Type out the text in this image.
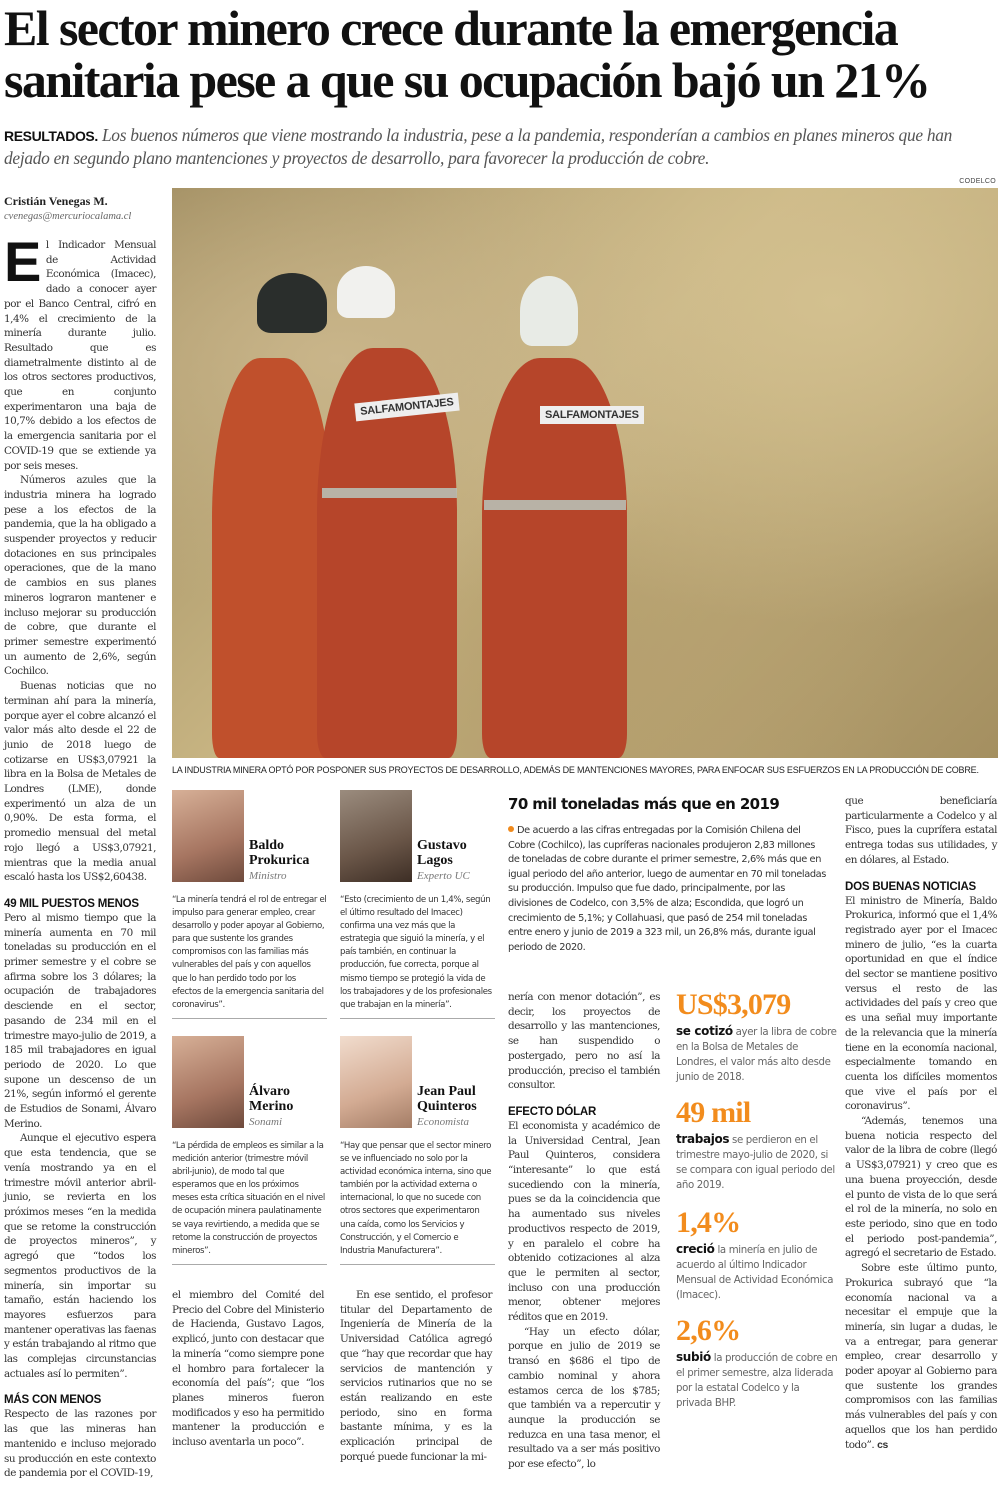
El sector minero crece durante la emergencia sanitaria pese a que su ocupación bajó un 21%
RESULTADOS. Los buenos números que viene mostrando la industria, pese a la pandemia, responderían a cambios en planes mineros que han dejado en segundo plano mantenciones y proyectos de desarrollo, para favorecer la producción de cobre.
CODELCO
Cristián Venegas M.
cvenegas@mercuriocalama.cl

El Indicador Mensual de Actividad Económica (Imacec), dado a conocer ayer por el Banco Central, cifró en 1,4% el crecimiento de la minería durante julio. Resultado que es diametralmente distinto al de los otros sectores productivos, que en conjunto experimentaron una baja de 10,7% debido a los efectos de la emergencia sanitaria por el COVID-19 que se extiende ya por seis meses.

Números azules que la industria minera ha logrado pese a los efectos de la pandemia, que la ha obligado a suspender proyectos y reducir dotaciones en sus principales operaciones, que de la mano de cambios en sus planes mineros lograron mantener e incluso mejorar su producción de cobre, que durante el primer semestre experimentó un aumento de 2,6%, según Cochilco.

Buenas noticias que no terminan ahí para la minería, porque ayer el cobre alcanzó el valor más alto desde el 22 de junio de 2018 luego de cotizarse en US$3,07921 la libra en la Bolsa de Metales de Londres (LME), donde experimentó un alza de un 0,90%. De esta forma, el promedio mensual del metal rojo llegó a US$3,07921, mientras que la media anual escaló hasta los US$2,60438.

49 MIL PUESTOS MENOS

Pero al mismo tiempo que la minería aumenta en 70 mil toneladas su producción en el primer semestre y el cobre se afirma sobre los 3 dólares; la ocupación de trabajadores desciende en el sector, pasando de 234 mil en el trimestre mayo-julio de 2019, a 185 mil trabajadores en igual periodo de 2020. Lo que supone un descenso de un 21%, según informó el gerente de Estudios de Sonami, Álvaro Merino.

Aunque el ejecutivo espera que esta tendencia, que se venía mostrando ya en el trimestre móvil anterior abril-junio, se revierta en los próximos meses “en la medida que se retome la construcción de proyectos mineros”, y agregó que “todos los segmentos productivos de la minería, sin importar su tamaño, están haciendo los mayores esfuerzos para mantener operativas las faenas y están trabajando al ritmo que las complejas circunstancias actuales así lo permiten”.

MÁS CON MENOS

Respecto de las razones por las que las mineras han mantenido e incluso mejorado su producción en este contexto de pandemia por el COVID-19,

SALFAMONTAJES	SALFAMONTAJES
LA INDUSTRIA MINERA OPTÓ POR POSPONER SUS PROYECTOS DE DESARROLLO, ADEMÁS DE MANTENCIONES MAYORES, PARA ENFOCAR SUS ESFUERZOS EN LA PRODUCCIÓN DE COBRE.
Baldo Prokurica
Ministro
“La minería tendrá el rol de entregar el impulso para generar empleo, crear desarrollo y poder apoyar al Gobierno, para que sustente los grandes compromisos con las familias más vulnerables del país y con aquellos que lo han perdido todo por los efectos de la emergencia sanitaria del coronavirus”.
Gustavo Lagos
Experto UC
“Esto (crecimiento de un 1,4%, según el último resultado del Imacec) confirma una vez más que la estrategia que siguió la minería, y el país también, en continuar la producción, fue correcta, porque al mismo tiempo se protegió la vida de los trabajadores y de los profesionales que trabajan en la minería”.
Álvaro Merino
Sonami
“La pérdida de empleos es similar a la medición anterior (trimestre móvil abril-junio), de modo tal que esperamos que en los próximos meses esta crítica situación en el nivel de ocupación minera paulatinamente se vaya revirtiendo, a medida que se retome la construcción de proyectos mineros”.
Jean Paul Quinteros
Economista
“Hay que pensar que el sector minero se ve influenciado no solo por la actividad económica interna, sino que también por la actividad externa o internacional, lo que no sucede con otros sectores que experimentaron una caída, como los Servicios y Construcción, y el Comercio e Industria Manufacturera”.

el miembro del Comité del Precio del Cobre del Ministerio de Hacienda, Gustavo Lagos, explicó, junto con destacar que la minería “como siempre pone el hombro para fortalecer la economía del país”; que “los planes mineros fueron modificados y eso ha permitido mantener la producción e incluso aventarla un poco”.

En ese sentido, el profesor titular del Departamento de Ingeniería de Minería de la Universidad Católica agregó que “hay que recordar que hay servicios de mantención y servicios rutinarios que no se están realizando en este periodo, sino en forma bastante mínima, y es la explicación principal de porqué puede funcionar la mi-

70 mil toneladas más que en 2019
De acuerdo a las cifras entregadas por la Comisión Chilena del Cobre (Cochilco), las cupríferas nacionales produjeron 2,83 millones de toneladas de cobre durante el primer semestre, 2,6% más que en igual periodo del año anterior, luego de aumentar en 70 mil toneladas su producción. Impulso que fue dado, principalmente, por las divisiones de Codelco, con 3,5% de alza; Escondida, que logró un crecimiento de 5,1%; y Collahuasi, que pasó de 254 mil toneladas entre enero y junio de 2019 a 323 mil, un 26,8% más, durante igual periodo de 2020.

nería con menor dotación”, es decir, los proyectos de desarrollo y las mantenciones, se han suspendido o postergado, pero no así la producción, preciso el también consultor.

EFECTO DÓLAR

El economista y académico de la Universidad Central, Jean Paul Quinteros, considera “interesante” lo que está sucediendo con la minería, pues se da la coincidencia que ha aumentado sus niveles productivos respecto de 2019, y en paralelo el cobre ha obtenido cotizaciones al alza que le permiten al sector, incluso con una producción menor, obtener mejores réditos que en 2019.

“Hay un efecto dólar, porque en julio de 2019 se transó en $686 el tipo de cambio nominal y ahora estamos cerca de los $785; que también va a repercutir y aunque la producción se reduzca en una tasa menor, el resultado va a ser más positivo por ese efecto”, lo

US$3,079
se cotizó ayer la libra de cobre en la Bolsa de Metales de Londres, el valor más alto desde junio de 2018.
49 mil
trabajos se perdieron en el trimestre mayo-julio de 2020, si se compara con igual periodo del año 2019.
1,4%
creció la minería en julio de acuerdo al último Indicador Mensual de Actividad Económica (Imacec).
2,6%
subió la producción de cobre en el primer semestre, alza liderada por la estatal Codelco y la privada BHP.

que beneficiaría particularmente a Codelco y al Fisco, pues la cuprífera estatal entrega todas sus utilidades, y en dólares, al Estado.

DOS BUENAS NOTICIAS

El ministro de Minería, Baldo Prokurica, informó que el 1,4% registrado ayer por el Imacec minero de julio, “es la cuarta oportunidad en que el índice del sector se mantiene positivo versus el resto de las actividades del país y creo que es una señal muy importante de la relevancia que la minería tiene en la economía nacional, especialmente tomando en cuenta los difíciles momentos que vive el país por el coronavirus”.

“Además, tenemos una buena noticia respecto del valor de la libra de cobre (llegó a US$3,07921) y creo que es una buena proyección, desde el punto de vista de lo que será el rol de la minería, no solo en este periodo, sino que en todo el periodo post-pandemia”, agregó el secretario de Estado.

Sobre este último punto, Prokurica subrayó que “la economía nacional va a necesitar el empuje que la minería, sin lugar a dudas, le va a entregar, para generar empleo, crear desarrollo y poder apoyar al Gobierno para que sustente los grandes compromisos con las familias más vulnerables del país y con aquellos que los han perdido todo”. cs
